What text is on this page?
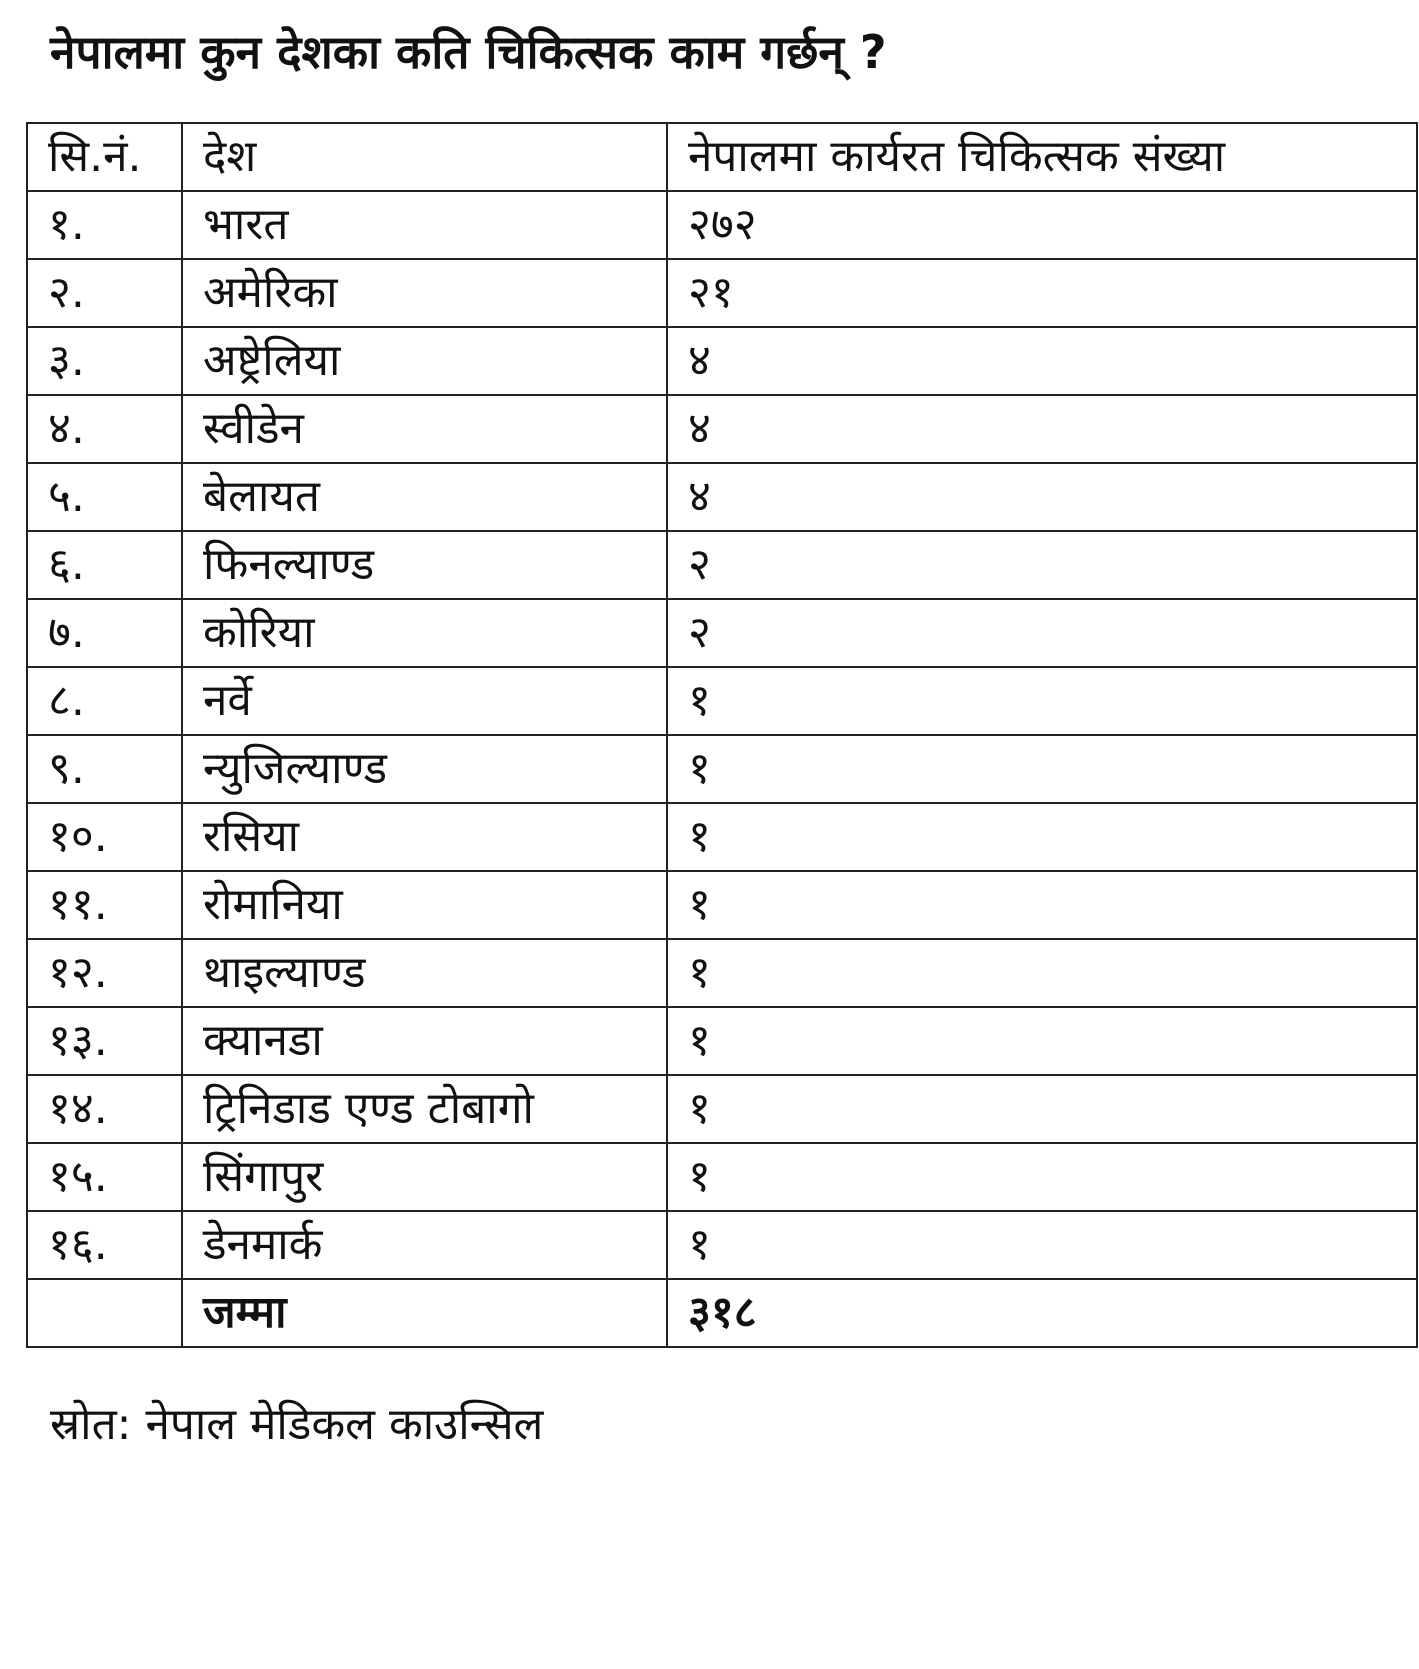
नेपालमा कुन देशका कति चिकित्सक काम गर्छन् ?
सि.नं.	देश	नेपालमा कार्यरत चिकित्सक संख्या
१.	भारत	२७२
२.	अमेरिका	२१
३.	अष्ट्रेलिया	४
४.	स्वीडेन	४
५.	बेलायत	४
६.	फिनल्याण्ड	२
७.	कोरिया	२
८.	नर्वे	१
९.	न्युजिल्याण्ड	१
१०.	रसिया	१
११.	रोमानिया	१
१२.	थाइल्याण्ड	१
१३.	क्यानडा	१
१४.	ट्रिनिडाड एण्ड टोबागो	१
१५.	सिंगापुर	१
१६.	डेनमार्क	१
	जम्मा	३१८
स्रोत: नेपाल मेडिकल काउन्सिल
